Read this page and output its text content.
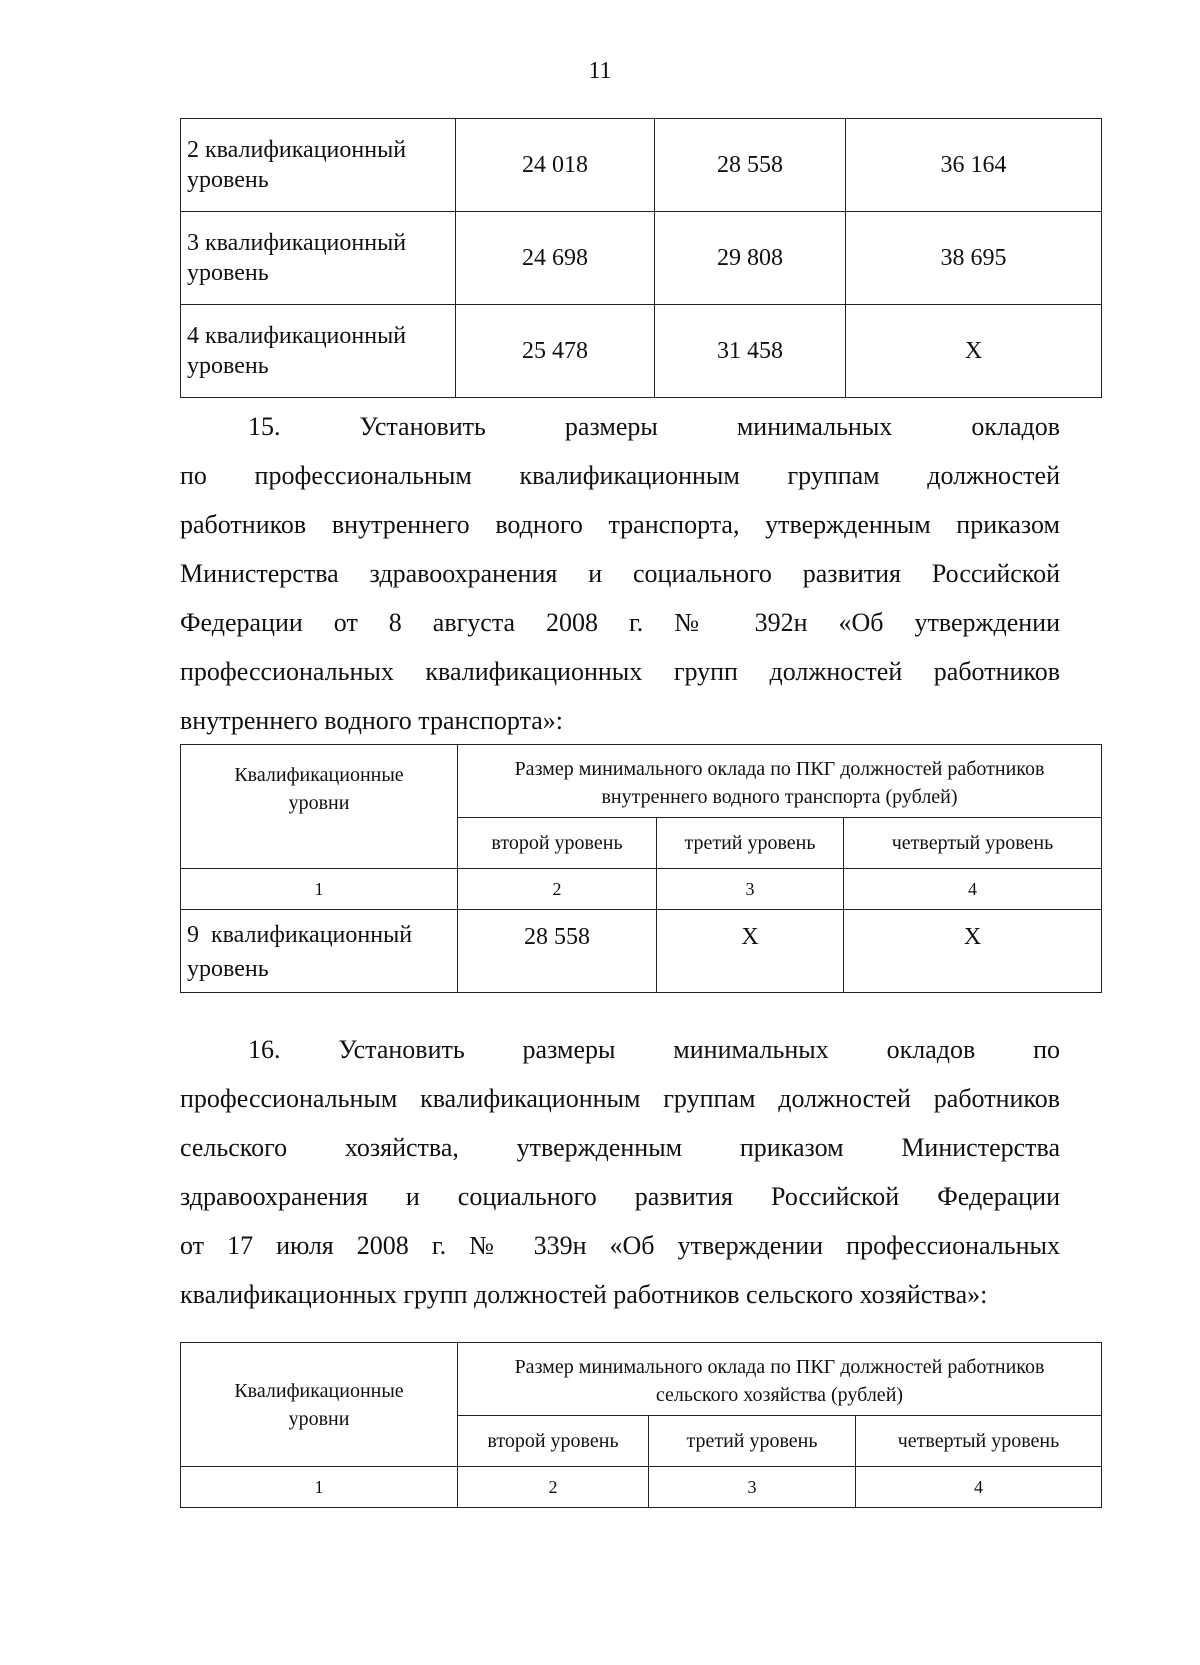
11
2 квалификационный
уровень	24 018	28 558	36 164
3 квалификационный
уровень	24 698	29 808	38 695
4 квалификационный
уровень	25 478	31 458	Х
15. Установить размеры минимальных окладов
по профессиональным квалификационным группам должностей
работников внутреннего водного транспорта, утвержденным приказом
Министерства здравоохранения и социального развития Российской
Федерации от 8 августа 2008 г. № 392н «Об утверждении
профессиональных квалификационных групп должностей работников
внутреннего водного транспорта»:
Квалификационные
уровни	Размер минимального оклада по ПКГ должностей работников
внутреннего водного транспорта (рублей)		
	второй уровень	третий уровень	четвертый уровень
1	2	3	4
9  квалификационный
уровень	28 558	Х	Х
16. Установить размеры минимальных окладов по
профессиональным квалификационным группам должностей работников
сельского хозяйства, утвержденным приказом Министерства
здравоохранения и социального развития Российской Федерации
от 17 июля 2008 г. № 339н «Об утверждении профессиональных
квалификационных групп должностей работников сельского хозяйства»:
Квалификационные
уровни	Размер минимального оклада по ПКГ должностей работников
сельского хозяйства (рублей)		
	второй уровень	третий уровень	четвертый уровень
1	2	3	4
